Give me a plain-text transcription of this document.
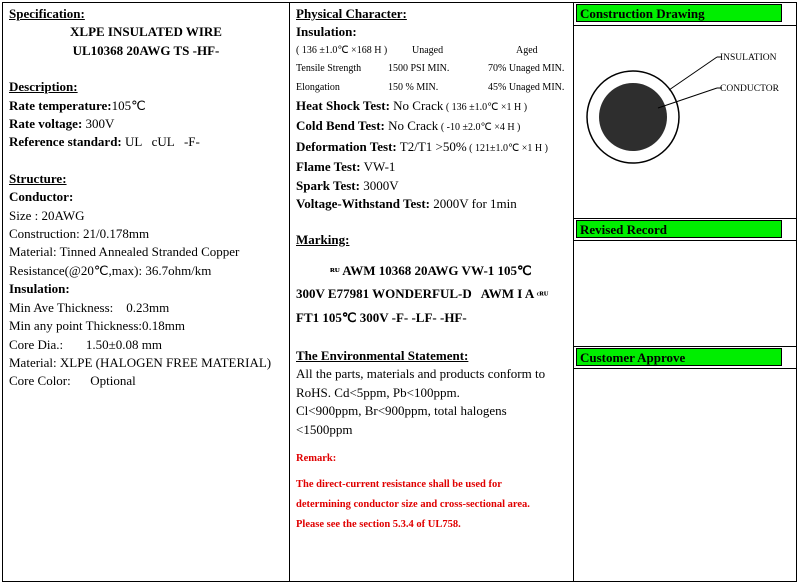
Specification:
XLPE INSULATED WIRE
UL10368 20AWG TS -HF-
Description:
Rate temperature:105℃
Rate voltage: 300V
Reference standard: UL   cUL   -F-
Structure:
Conductor:
Size : 20AWG
Construction: 21/0.178mm
Material: Tinned Annealed Stranded Copper
Resistance(@20℃,max): 36.7ohm/km
Insulation:
Min Ave Thickness:    0.23mm
Min any point Thickness:0.18mm
Core Dia.:       1.50±0.08 mm
Material: XLPE (HALOGEN FREE MATERIAL)
Core Color:      Optional
Physical Character:
Insulation:
( 136 ±1.0℃ ×168 H )	Unaged	Aged
Tensile Strength	1500 PSI MIN.	70% Unaged MIN.
Elongation	150 % MIN.	45% Unaged MIN.
Heat Shock Test: No Crack ( 136 ±1.0℃ ×1 H )
Cold Bend Test: No Crack ( -10 ±2.0℃ ×4 H )
Deformation Test: T2/T1 >50% ( 121±1.0℃ ×1 H )
Flame Test: VW-1
Spark Test: 3000V
Voltage-Withstand Test: 2000V for 1min
Marking:
ᴿᵁ AWM 10368 20AWG VW-1 105℃
300V E77981 WONDERFUL-D   AWM I A ᶜᴿᵁ
FT1 105℃ 300V -F- -LF- -HF-
The Environmental Statement:
All the parts, materials and products conform to
RoHS. Cd<5ppm, Pb<100ppm.
Cl<900ppm, Br<900ppm, total halogens
<1500ppm
Remark:
The direct-current resistance shall be used for
determining conductor size and cross-sectional area.
Please see the section 5.3.4 of UL758.
Construction Drawing
INSULATION
CONDUCTOR
Revised Record
Customer Approve
